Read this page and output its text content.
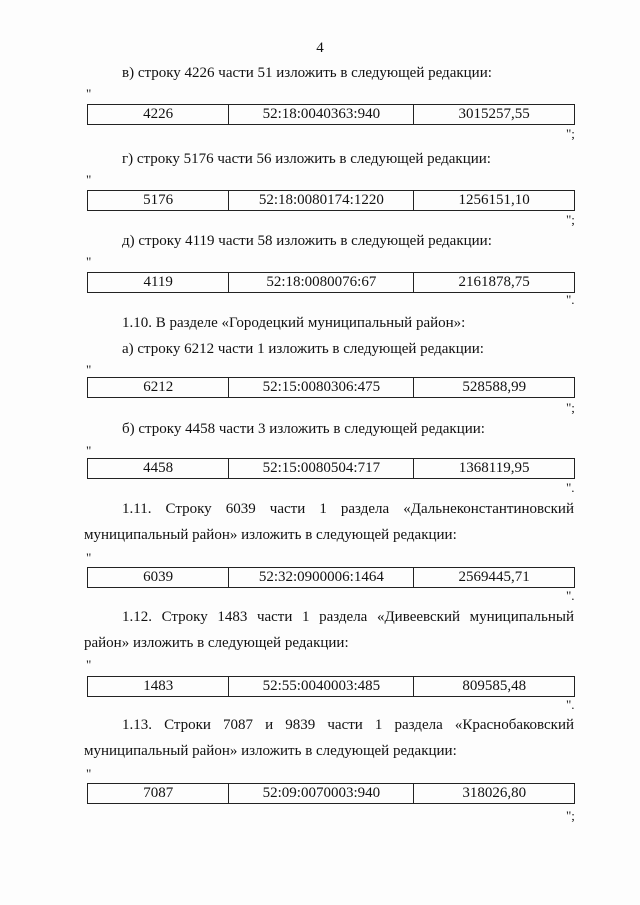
4
в) строку 4226 части 51 изложить в следующей редакции:
"
4226	52:18:0040363:940	3015257,55
";
г) строку 5176 части 56 изложить в следующей редакции:
"
5176	52:18:0080174:1220	1256151,10
";
д) строку 4119 части 58 изложить в следующей редакции:
"
4119	52:18:0080076:67	2161878,75
".
1.10. В разделе «Городецкий муниципальный район»:
а) строку 6212 части 1 изложить в следующей редакции:
"
6212	52:15:0080306:475	528588,99
";
б) строку 4458 части 3 изложить в следующей редакции:
"
4458	52:15:0080504:717	1368119,95
".
1.11. Строку 6039 части 1 раздела «Дальнеконстантиновский
муниципальный район» изложить в следующей редакции:
"
6039	52:32:0900006:1464	2569445,71
".
1.12. Строку 1483 части 1 раздела «Дивеевский муниципальный
район» изложить в следующей редакции:
"
1483	52:55:0040003:485	809585,48
".
1.13. Строки 7087 и 9839 части 1 раздела «Краснобаковский
муниципальный район» изложить в следующей редакции:
"
7087	52:09:0070003:940	318026,80
";
